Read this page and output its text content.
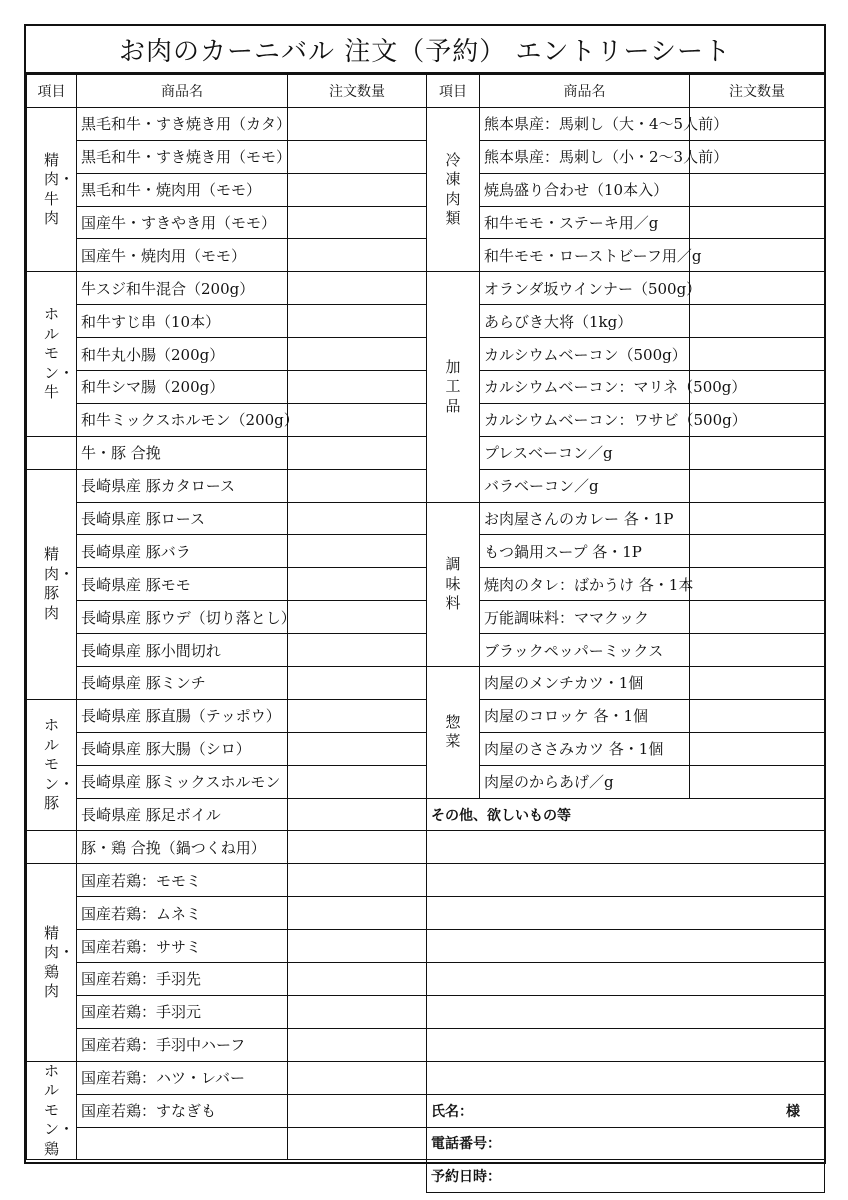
お肉のカーニバル 注文（予約） エントリーシート
項目	商品名	注文数量
精肉・牛肉	黒毛和牛・すき焼き用（カタ）	
	黒毛和牛・すき焼き用（モモ）	
	黒毛和牛・焼肉用（モモ）	
	国産牛・すきやき用（モモ）	
	国産牛・焼肉用（モモ）	
ホルモン・牛	牛スジ和牛混合（200g）	
	和牛すじ串（10本）	
	和牛丸小腸（200g）	
	和牛シマ腸（200g）	
	和牛ミックスホルモン（200g）	
	牛・豚 合挽	
精肉・豚肉	長崎県産 豚カタロース	
	長崎県産 豚ロース	
	長崎県産 豚バラ	
	長崎県産 豚モモ	
	長崎県産 豚ウデ（切り落とし）	
	長崎県産 豚小間切れ	
	長崎県産 豚ミンチ	
ホルモン・豚	長崎県産 豚直腸（テッポウ）	
	長崎県産 豚大腸（シロ）	
	長崎県産 豚ミックスホルモン	
	長崎県産 豚足ボイル	
	豚・鶏 合挽（鍋つくね用）	
精肉・鶏肉	国産若鶏：モモミ	
	国産若鶏：ムネミ	
	国産若鶏：ササミ	
	国産若鶏：手羽先	
	国産若鶏：手羽元	
	国産若鶏：手羽中ハーフ	
ホルモン・鶏	国産若鶏：ハツ・レバー	
	国産若鶏：すなぎも	

項目	商品名	注文数量
冷凍肉類	熊本県産：馬刺し（大・4～5人前）	
	熊本県産：馬刺し（小・2～3人前）	
	焼鳥盛り合わせ（10本入）	
	和牛モモ・ステーキ用／g	
	和牛モモ・ローストビーフ用／g	
加工品	オランダ坂ウインナー（500g）	
	あらびき大将（1kg）	
	カルシウムベーコン（500g）	
	カルシウムベーコン：マリネ（500g）	
	カルシウムベーコン：ワサビ（500g）	
	プレスベーコン／g	
	バラベーコン／g	
調味料	お肉屋さんのカレー 各・1P	
	もつ鍋用スープ 各・1P	
	焼肉のタレ：ばかうけ 各・1本	
	万能調味料：ママクック	
	ブラックペッパーミックス	
惣菜	肉屋のメンチカツ・1個	
	肉屋のコロッケ 各・1個	
	肉屋のささみカツ 各・1個	
	肉屋のからあげ／g	
その他、欲しいもの等		

氏名： 様		

電話番号：		
予約日時：		
